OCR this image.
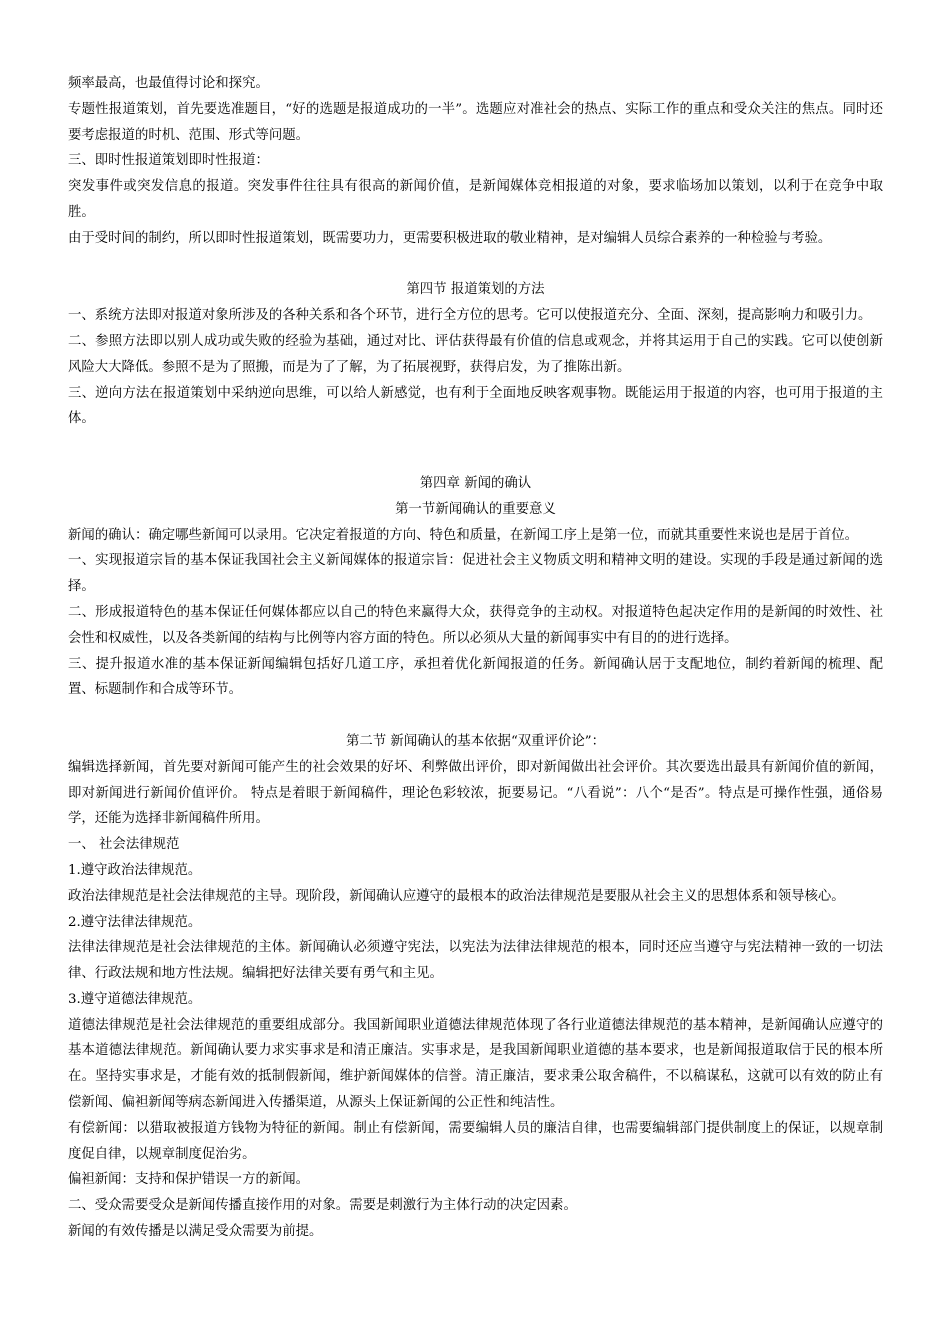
频率最高，也最值得讨论和探究。

专题性报道策划，首先要选准题目，“好的选题是报道成功的一半”。选题应对准社会的热点、实际工作的重点和受众关注的焦点。同时还要考虑报道的时机、范围、形式等问题。

三、即时性报道策划即时性报道：

突发事件或突发信息的报道。突发事件往往具有很高的新闻价值，是新闻媒体竞相报道的对象，要求临场加以策划，以利于在竞争中取胜。

由于受时间的制约，所以即时性报道策划，既需要功力，更需要积极进取的敬业精神，是对编辑人员综合素养的一种检验与考验。

第四节 报道策划的方法

一、系统方法即对报道对象所涉及的各种关系和各个环节，进行全方位的思考。它可以使报道充分、全面、深刻，提高影响力和吸引力。

二、参照方法即以别人成功或失败的经验为基础，通过对比、评估获得最有价值的信息或观念，并将其运用于自己的实践。它可以使创新风险大大降低。参照不是为了照搬，而是为了了解，为了拓展视野，获得启发，为了推陈出新。

三、逆向方法在报道策划中采纳逆向思维，可以给人新感觉，也有利于全面地反映客观事物。既能运用于报道的内容，也可用于报道的主体。

第四章 新闻的确认

第一节新闻确认的重要意义

新闻的确认：确定哪些新闻可以录用。它决定着报道的方向、特色和质量，在新闻工序上是第一位，而就其重要性来说也是居于首位。

一、实现报道宗旨的基本保证我国社会主义新闻媒体的报道宗旨：促进社会主义物质文明和精神文明的建设。实现的手段是通过新闻的选择。

二、形成报道特色的基本保证任何媒体都应以自己的特色来赢得大众，获得竞争的主动权。对报道特色起决定作用的是新闻的时效性、社会性和权威性，以及各类新闻的结构与比例等内容方面的特色。所以必须从大量的新闻事实中有目的的进行选择。

三、提升报道水准的基本保证新闻编辑包括好几道工序，承担着优化新闻报道的任务。新闻确认居于支配地位，制约着新闻的梳理、配置、标题制作和合成等环节。

第二节 新闻确认的基本依据“双重评价论”：

编辑选择新闻，首先要对新闻可能产生的社会效果的好坏、利弊做出评价，即对新闻做出社会评价。其次要选出最具有新闻价值的新闻，即对新闻进行新闻价值评价。 特点是着眼于新闻稿件，理论色彩较浓，扼要易记。“八看说”：八个“是否”。特点是可操作性强，通俗易学，还能为选择非新闻稿件所用。

一、 社会法律规范

1.遵守政治法律规范。

政治法律规范是社会法律规范的主导。现阶段，新闻确认应遵守的最根本的政治法律规范是要服从社会主义的思想体系和领导核心。

2.遵守法律法律规范。

法律法律规范是社会法律规范的主体。新闻确认必须遵守宪法，以宪法为法律法律规范的根本，同时还应当遵守与宪法精神一致的一切法律、行政法规和地方性法规。编辑把好法律关要有勇气和主见。

3.遵守道德法律规范。

道德法律规范是社会法律规范的重要组成部分。我国新闻职业道德法律规范体现了各行业道德法律规范的基本精神，是新闻确认应遵守的基本道德法律规范。新闻确认要力求实事求是和清正廉洁。实事求是，是我国新闻职业道德的基本要求，也是新闻报道取信于民的根本所在。坚持实事求是，才能有效的抵制假新闻，维护新闻媒体的信誉。清正廉洁，要求秉公取舍稿件，不以稿谋私，这就可以有效的防止有偿新闻、偏袒新闻等病态新闻进入传播渠道，从源头上保证新闻的公正性和纯洁性。

有偿新闻：以猎取被报道方钱物为特征的新闻。制止有偿新闻，需要编辑人员的廉洁自律，也需要编辑部门提供制度上的保证，以规章制度促自律，以规章制度促治劣。

偏袒新闻：支持和保护错误一方的新闻。

二、受众需要受众是新闻传播直接作用的对象。需要是刺激行为主体行动的决定因素。

新闻的有效传播是以满足受众需要为前提。
